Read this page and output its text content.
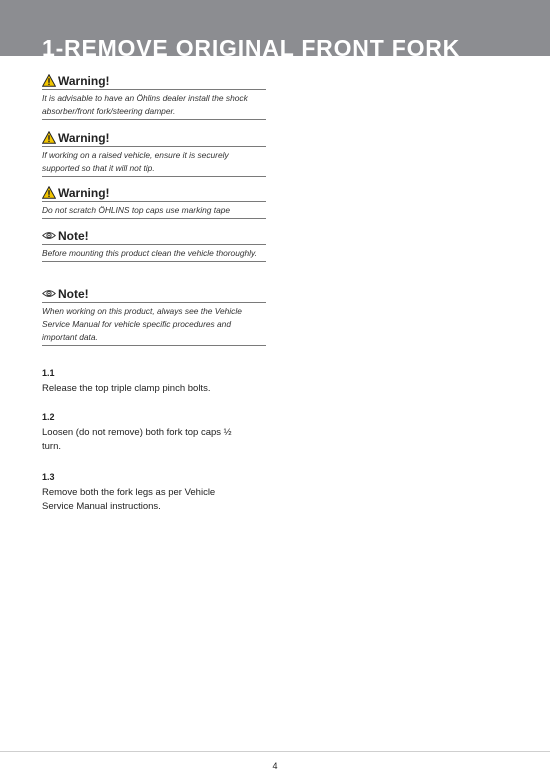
1-REMOVE ORIGINAL FRONT FORK
Warning!
It is advisable to have an Öhlins dealer install the shock
absorber/front fork/steering damper.
Warning!
If working on a raised vehicle, ensure it is securely
supported so that it will not tip.
Warning!
Do not scratch ÖHLINS top caps use marking tape
Note!
Before mounting this product clean the vehicle thoroughly.
Note!
When working on this product, always see the Vehicle
Service Manual for vehicle specific procedures and
important data.
1.1
Release the top triple clamp pinch bolts.
1.2
Loosen (do not remove) both fork top caps ½
turn.
1.3
Remove both the fork legs as per Vehicle
Service Manual instructions.
4
